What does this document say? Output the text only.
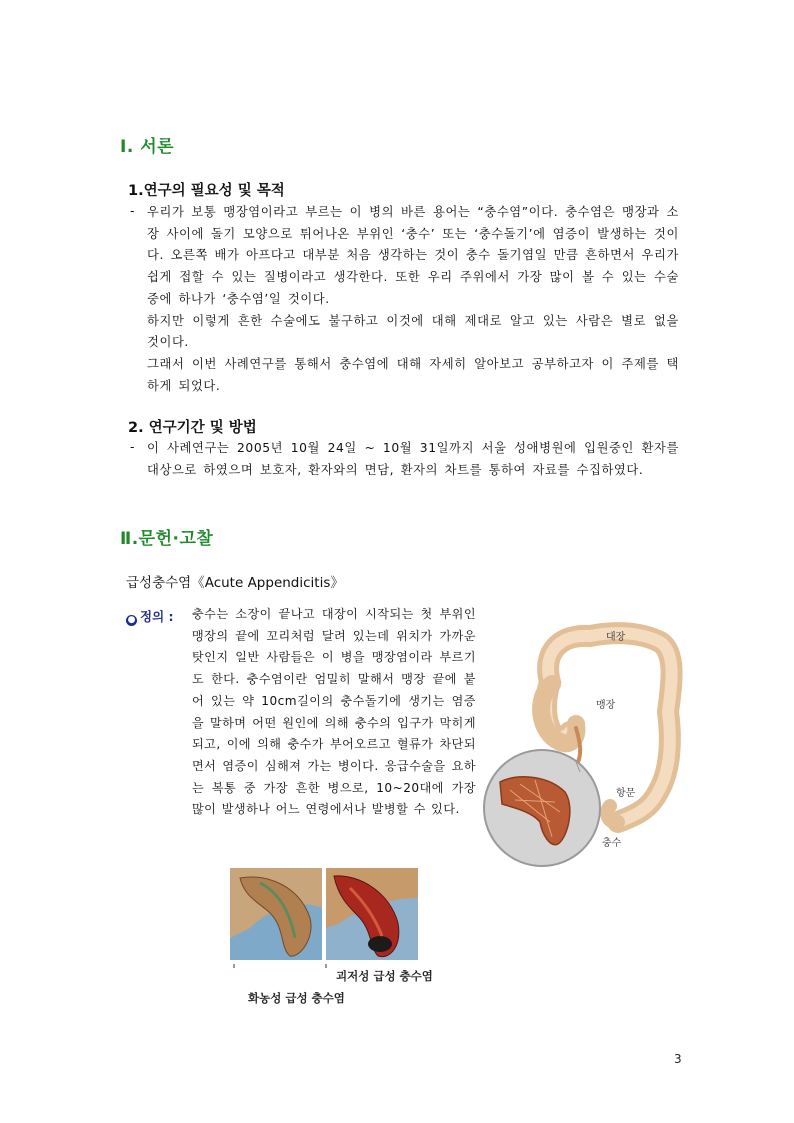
Ⅰ. 서론
1.연구의 필요성 및 목적
- 우리가 보통 맹장염이라고 부르는 이 병의 바른 용어는 “충수염”이다. 충수염은 맹장과 소장 사이에 돌기 모양으로 튀어나온 부위인 ‘충수’ 또는 ‘충수돌기’에 염증이 발생하는 것이다. 오른쪽 배가 아프다고 대부분 처음 생각하는 것이 충수 돌기염일 만큼 흔하면서 우리가 쉽게 접할 수 있는 질병이라고 생각한다. 또한 우리 주위에서 가장 많이 볼 수 있는 수술 중에 하나가 ‘충수염’일 것이다.

하지만 이렇게 흔한 수술에도 불구하고 이것에 대해 제대로 알고 있는 사람은 별로 없을 것이다.

그래서 이번 사례연구를 통해서 충수염에 대해 자세히 알아보고 공부하고자 이 주제를 택하게 되었다.

2. 연구기간 및 방법
- 이 사례연구는 2005년 10월 24일 ~ 10월 31일까지 서울 성애병원에 입원중인 환자를 대상으로 하였으며 보호자, 환자와의 면담, 환자의 차트를 통하여 자료를 수집하였다.

Ⅱ.문헌·고찰
급성충수염《Acute Appendicitis》
● 정의 : 충수는 소장이 끝나고 대장이 시작되는 첫 부위인 맹장의 끝에 꼬리처럼 달려 있는데 위치가 가까운 탓인지 일반 사람들은 이 병을 맹장염이라 부르기도 한다. 충수염이란 엄밀히 말해서 맹장 끝에 붙어 있는 약 10cm길이의 충수돌기에 생기는 염증을 말하며 어떤 원인에 의해 충수의 입구가 막히게 되고, 이에 의해 충수가 부어오르고 혈류가 차단되면서 염증이 심해져 가는 병이다. 응급수술을 요하는 복통 중 가장 흔한 병으로, 10~20대에 가장 많이 발생하나 어느 연령에서나 발병할 수 있다.
대장
맹장
항문
충수
괴저성 급성 충수염
화농성 급성 충수염
3
